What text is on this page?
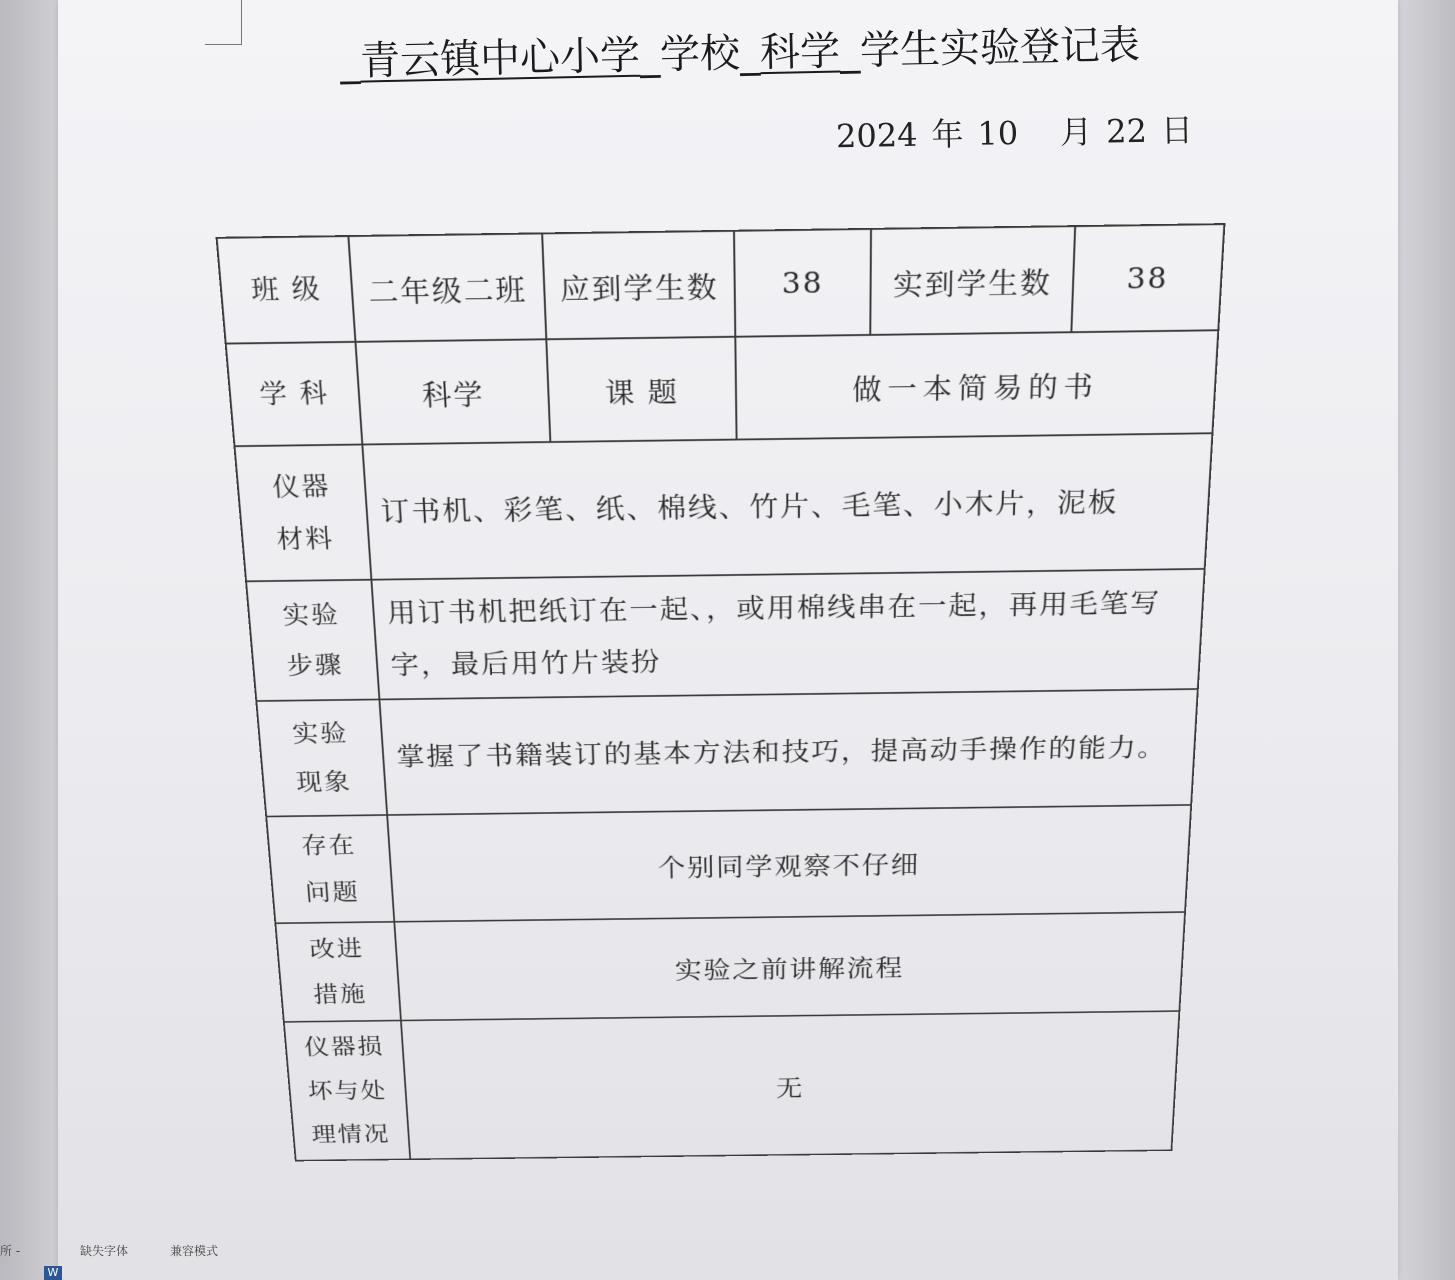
_青云镇中心小学_学校_科学_学生实验登记表
2024 年 10 月 22 日
班 级	二年级二班	应到学生数	38	实到学生数	38
学 科	科学	课 题	做一本简易的书		
仪器
材料	订书机、彩笔、纸、棉线、竹片、毛笔、小木片，泥板				
实验
步骤	用订书机把纸订在一起、，或用棉线串在一起，再用毛笔写字，最后用竹片装扮				
实验
现象	掌握了书籍装订的基本方法和技巧，提高动手操作的能力。				
存在
问题	个别同学观察不仔细				
改进
措施	实验之前讲解流程				
仪器损
坏与处
理情况	无				
所 -	缺失字体	兼容模式
W
